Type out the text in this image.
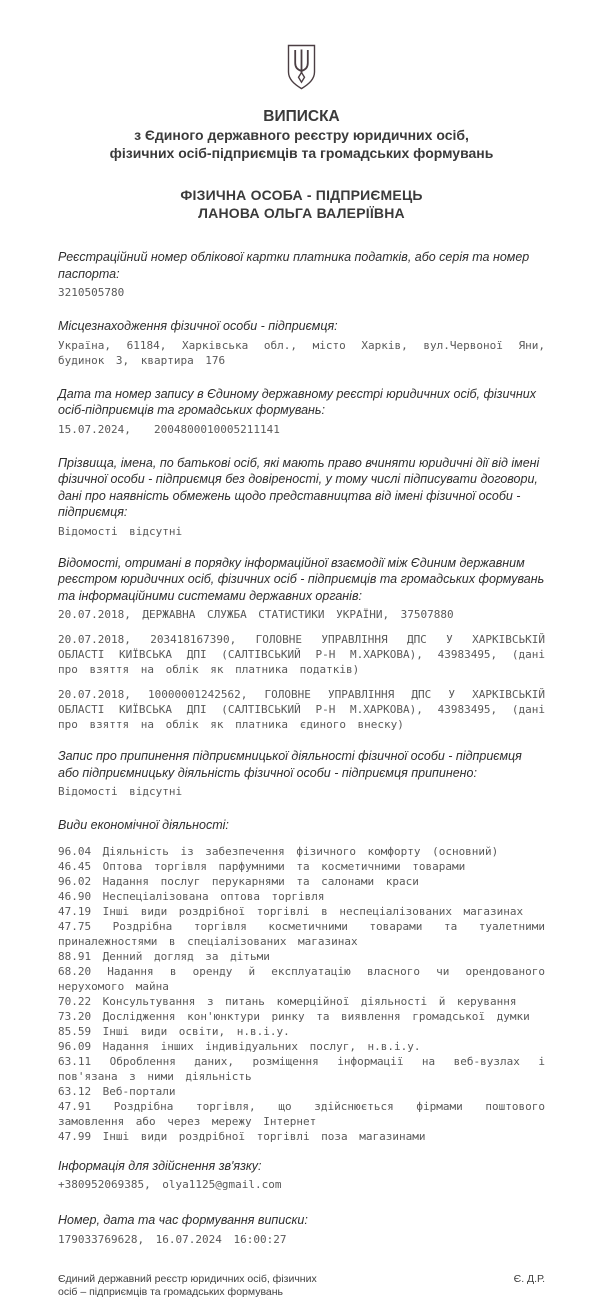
ВИПИСКА

з Єдиного державного реєстру юридичних осіб,

фізичних осіб-підприємців та громадських формувань

ФІЗИЧНА ОСОБА - ПІДПРИЄМЕЦЬ

ЛАНОВА ОЛЬГА ВАЛЕРІЇВНА

Реєстраційний номер облікової картки платника податків, або серія та номер паспорта:

3210505780

Місцезнаходження фізичної особи - підприємця:

Україна, 61184, Харківська обл., місто Харків, вул.Червоної Яни, будинок 3, квартира 176

Дата та номер запису в Єдиному державному реєстрі юридичних осіб, фізичних осіб-підприємців та громадських формувань:

15.07.2024,  2004800010005211141

Прізвища, імена, по батькові осіб, які мають право вчиняти юридичні дії від імені фізичної особи - підприємця без довіреності, у тому числі підписувати договори, дані про наявність обмежень щодо представництва від імені фізичної особи - підприємця:

Відомості відсутні

Відомості, отримані в порядку інформаційної взаємодії між Єдиним державним реєстром юридичних осіб, фізичних осіб - підприємців та громадських формувань та інформаційними системами державних органів:

20.07.2018, ДЕРЖАВНА СЛУЖБА СТАТИСТИКИ УКРАЇНИ, 37507880

20.07.2018, 203418167390, ГОЛОВНЕ УПРАВЛІННЯ ДПС У ХАРКІВСЬКІЙ ОБЛАСТІ КИЇВСЬКА ДПІ (САЛТІВСЬКИЙ Р-Н М.ХАРКОВА), 43983495, (дані про взяття на облік як платника податків)

20.07.2018, 10000001242562, ГОЛОВНЕ УПРАВЛІННЯ ДПС У ХАРКІВСЬКІЙ ОБЛАСТІ КИЇВСЬКА ДПІ (САЛТІВСЬКИЙ Р-Н М.ХАРКОВА), 43983495, (дані про взяття на облік як платника єдиного внеску)

Запис про припинення підприємницької діяльності фізичної особи - підприємця або підприємницьку діяльність фізичної особи - підприємця припинено:

Відомості відсутні

Види економічної діяльності:

96.04 Діяльність із забезпечення фізичного комфорту (основний)

46.45 Оптова торгівля парфумними та косметичними товарами

96.02 Надання послуг перукарнями та салонами краси

46.90 Неспеціалізована оптова торгівля

47.19 Інші види роздрібної торгівлі в неспеціалізованих магазинах

47.75 Роздрібна торгівля косметичними товарами та туалетними приналежностями в спеціалізованих магазинах

88.91 Денний догляд за дітьми

68.20 Надання в оренду й експлуатацію власного чи орендованого нерухомого майна

70.22 Консультування з питань комерційної діяльності й керування

73.20 Дослідження кон'юнктури ринку та виявлення громадської думки

85.59 Інші види освіти, н.в.і.у.

96.09 Надання інших індивідуальних послуг, н.в.і.у.

63.11 Оброблення даних, розміщення інформації на веб-вузлах і пов'язана з ними діяльність

63.12 Веб-портали

47.91 Роздрібна торгівля, що здійснюється фірмами поштового замовлення або через мережу Інтернет

47.99 Інші види роздрібної торгівлі поза магазинами

Інформація для здійснення зв'язку:

+380952069385, olya1125@gmail.com

Номер, дата та час формування виписки:

179033769628, 16.07.2024 16:00:27

Єдиний державний реєстр юридичних осіб, фізичних
осіб – підприємців та громадських формувань
Є. Д.Р.
